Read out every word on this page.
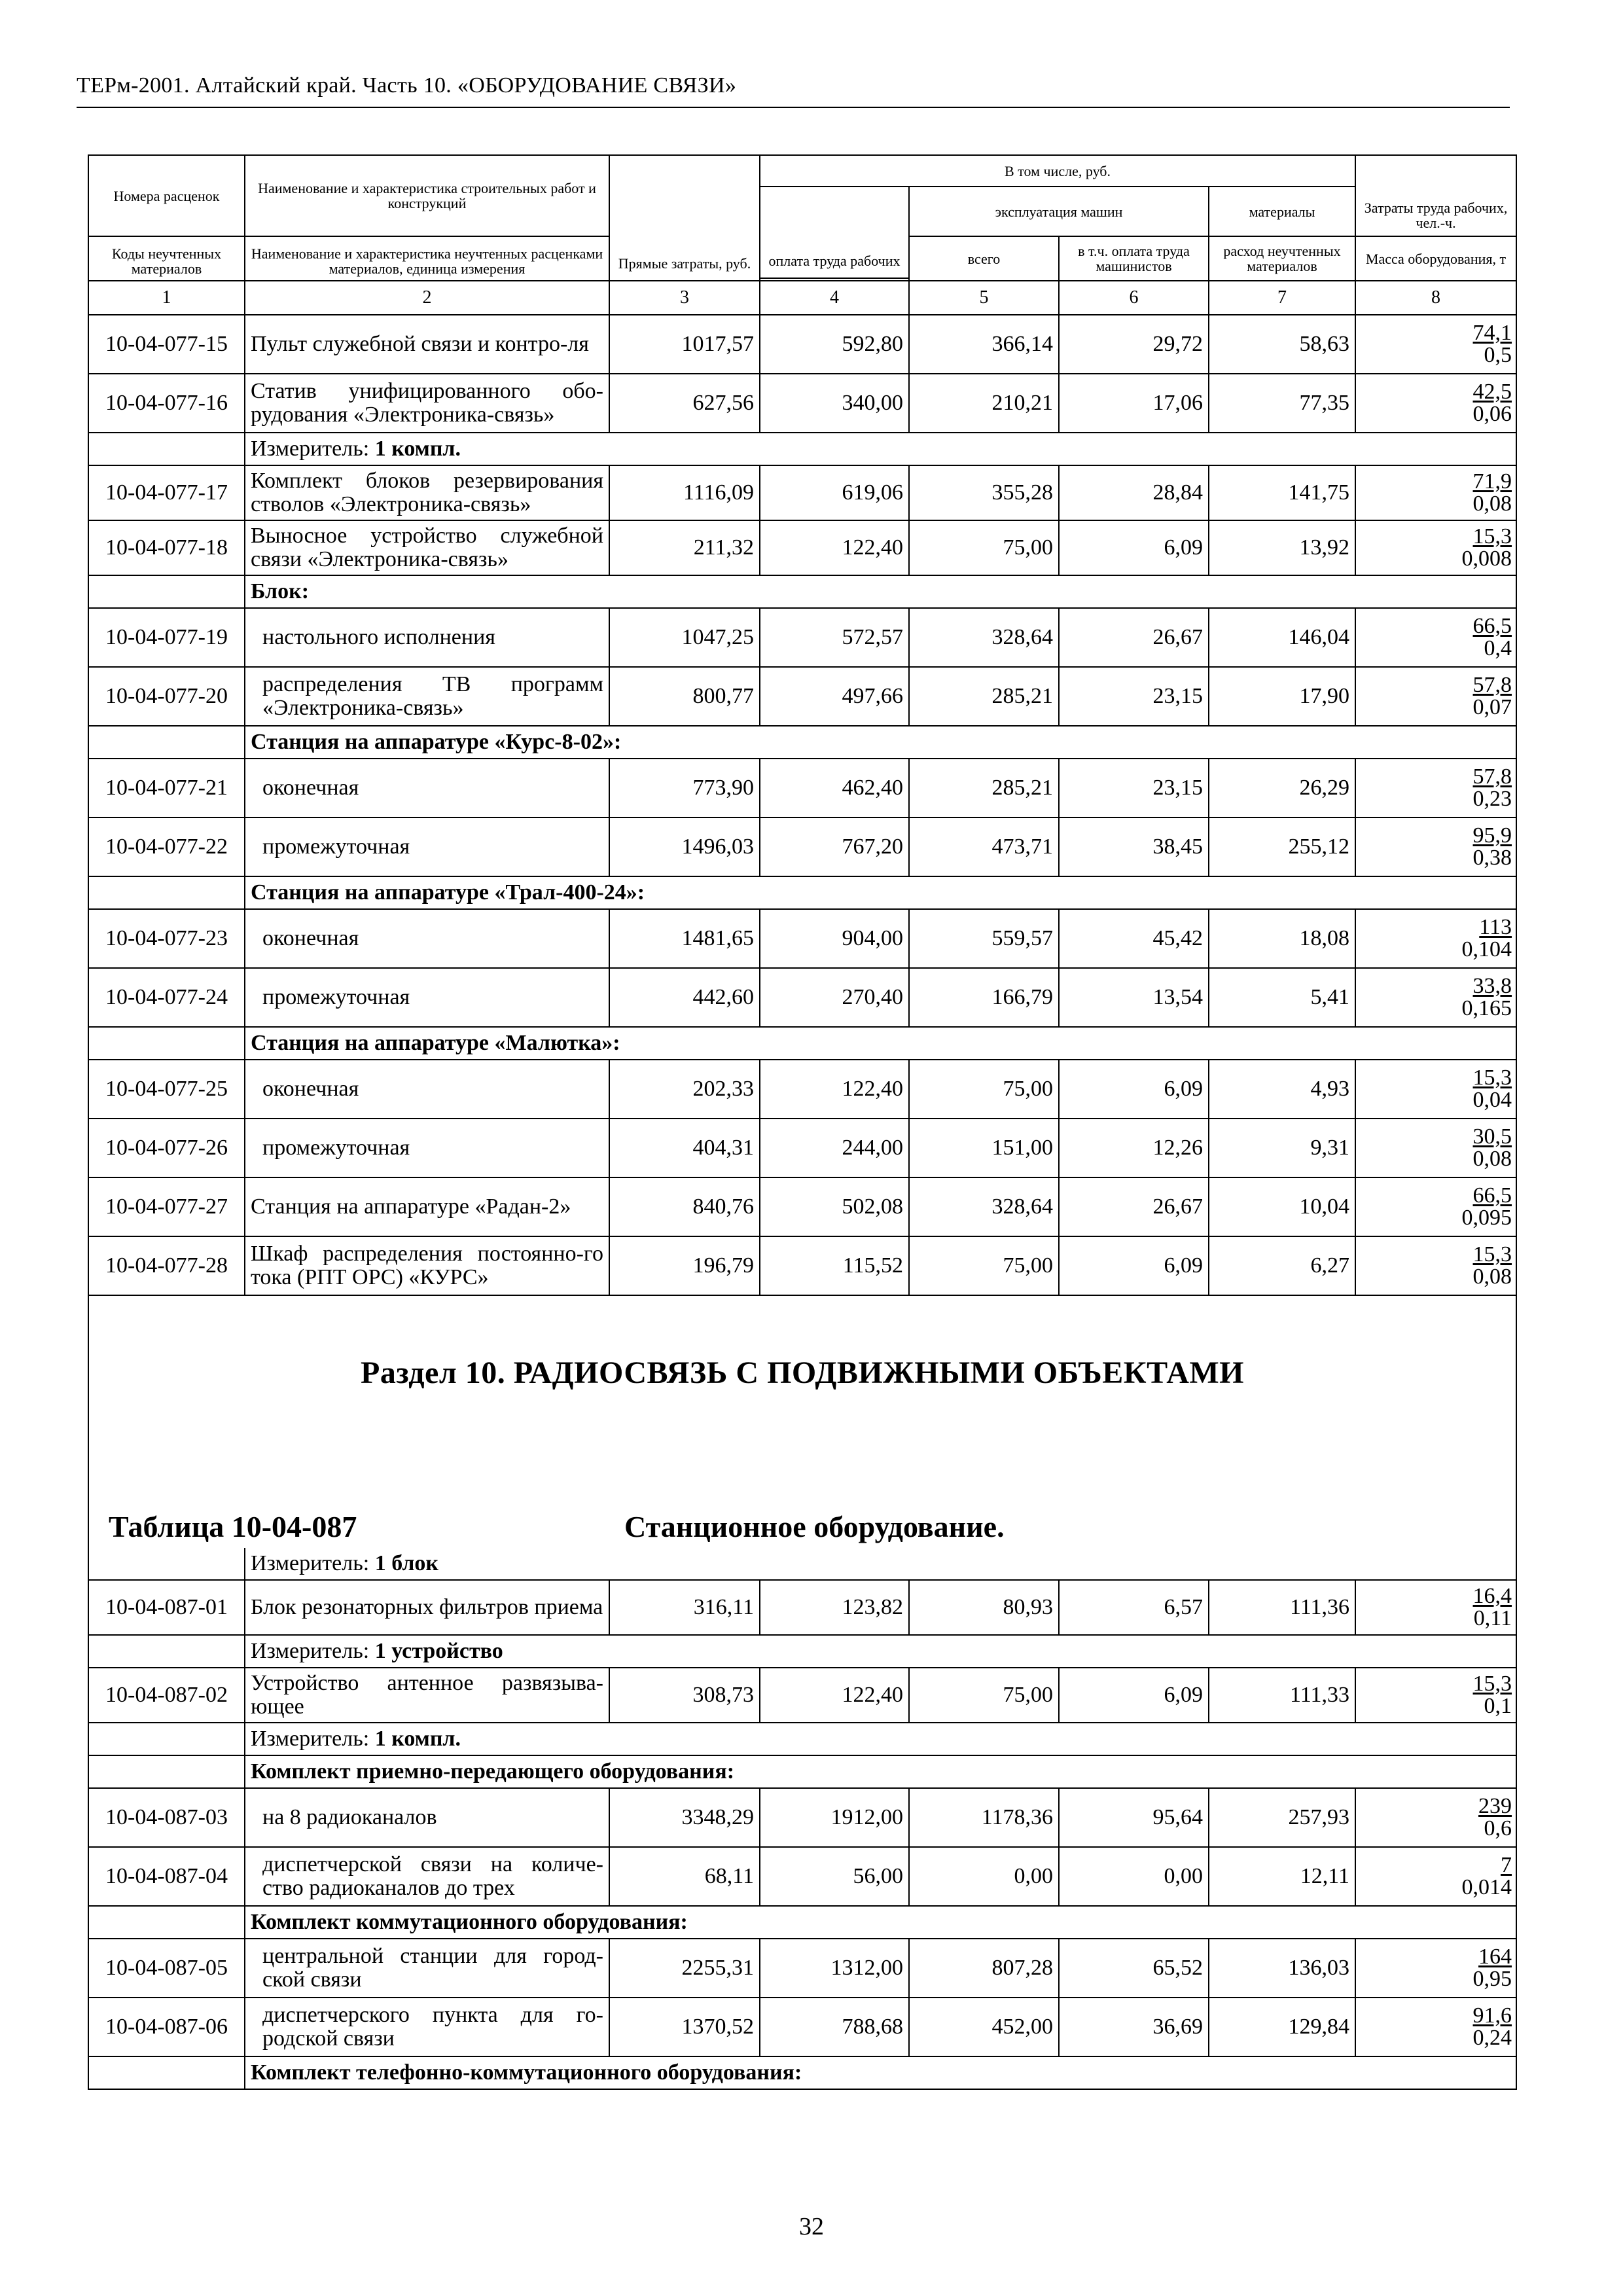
ТЕРм-2001. Алтайский край. Часть 10. «ОБОРУДОВАНИЕ СВЯЗИ»
Номера расценок	Наименование и характеристика строительных работ и конструкций	Прямые затраты, руб.	В том числе, руб.				Затраты труда рабочих, чел.-ч.
			оплата труда рабочих	эксплуатация машин		материалы	
Коды неучтенных материалов	Наименование и характеристика неучтенных расценками материалов, единица измерения			всего	в т.ч. оплата труда машинистов	расход неучтенных материалов	Масса оборудования, т

1	2	3	4	5	6	7	8
10-04-077-15	Пульт служебной связи и контро-ля	1017,57	592,80	366,14	29,72	58,63	74,1
0,5

10-04-077-16	Статив унифицированного обо-рудования «Электроника-связь»	627,56	340,00	210,21	17,06	77,35	42,5
0,06

	Измеритель: 1 компл.						
10-04-077-17	Комплект блоков резервирования стволов «Электроника-связь»	1116,09	619,06	355,28	28,84	141,75	71,9
0,08

10-04-077-18	Выносное устройство служебной связи «Электроника-связь»	211,32	122,40	75,00	6,09	13,92	15,3
0,008

	Блок:						
10-04-077-19	настольного исполнения	1047,25	572,57	328,64	26,67	146,04	66,5
0,4

10-04-077-20	распределения ТВ программ «Электроника-связь»	800,77	497,66	285,21	23,15	17,90	57,8
0,07

	Станция на аппаратуре «Курс-8-02»:						
10-04-077-21	оконечная	773,90	462,40	285,21	23,15	26,29	57,8
0,23

10-04-077-22	промежуточная	1496,03	767,20	473,71	38,45	255,12	95,9
0,38

	Станция на аппаратуре «Трал-400-24»:						
10-04-077-23	оконечная	1481,65	904,00	559,57	45,42	18,08	113
0,104

10-04-077-24	промежуточная	442,60	270,40	166,79	13,54	5,41	33,8
0,165

	Станция на аппаратуре «Малютка»:						
10-04-077-25	оконечная	202,33	122,40	75,00	6,09	4,93	15,3
0,04

10-04-077-26	промежуточная	404,31	244,00	151,00	12,26	9,31	30,5
0,08

10-04-077-27	Станция на аппаратуре «Радан-2»	840,76	502,08	328,64	26,67	10,04	66,5
0,095

10-04-077-28	Шкаф распределения постоянно-го тока (РПТ ОРС) «КУРС»	196,79	115,52	75,00	6,09	6,27	15,3
0,08

Раздел 10. РАДИОСВЯЗЬ С ПОДВИЖНЫМИ ОБЪЕКТАМИ
Таблица 10-04-087 Станционное оборудование.							

	Измеритель: 1 блок						
10-04-087-01	Блок резонаторных фильтров приема	316,11	123,82	80,93	6,57	111,36	16,4
0,11

	Измеритель: 1 устройство						
10-04-087-02	Устройство антенное развязыва-ющее	308,73	122,40	75,00	6,09	111,33	15,3
0,1

	Измеритель: 1 компл.						
	Комплект приемно-передающего оборудования:						
10-04-087-03	на 8 радиоканалов	3348,29	1912,00	1178,36	95,64	257,93	239
0,6

10-04-087-04	диспетчерской связи на количе-ство радиоканалов до трех	68,11	56,00	0,00	0,00	12,11	7
0,014

	Комплект коммутационного оборудования:						
10-04-087-05	центральной станции для город-ской связи	2255,31	1312,00	807,28	65,52	136,03	164
0,95

10-04-087-06	диспетчерского пункта для го-родской связи	1370,52	788,68	452,00	36,69	129,84	91,6
0,24

	Комплект телефонно-коммутационного оборудования:						
32
